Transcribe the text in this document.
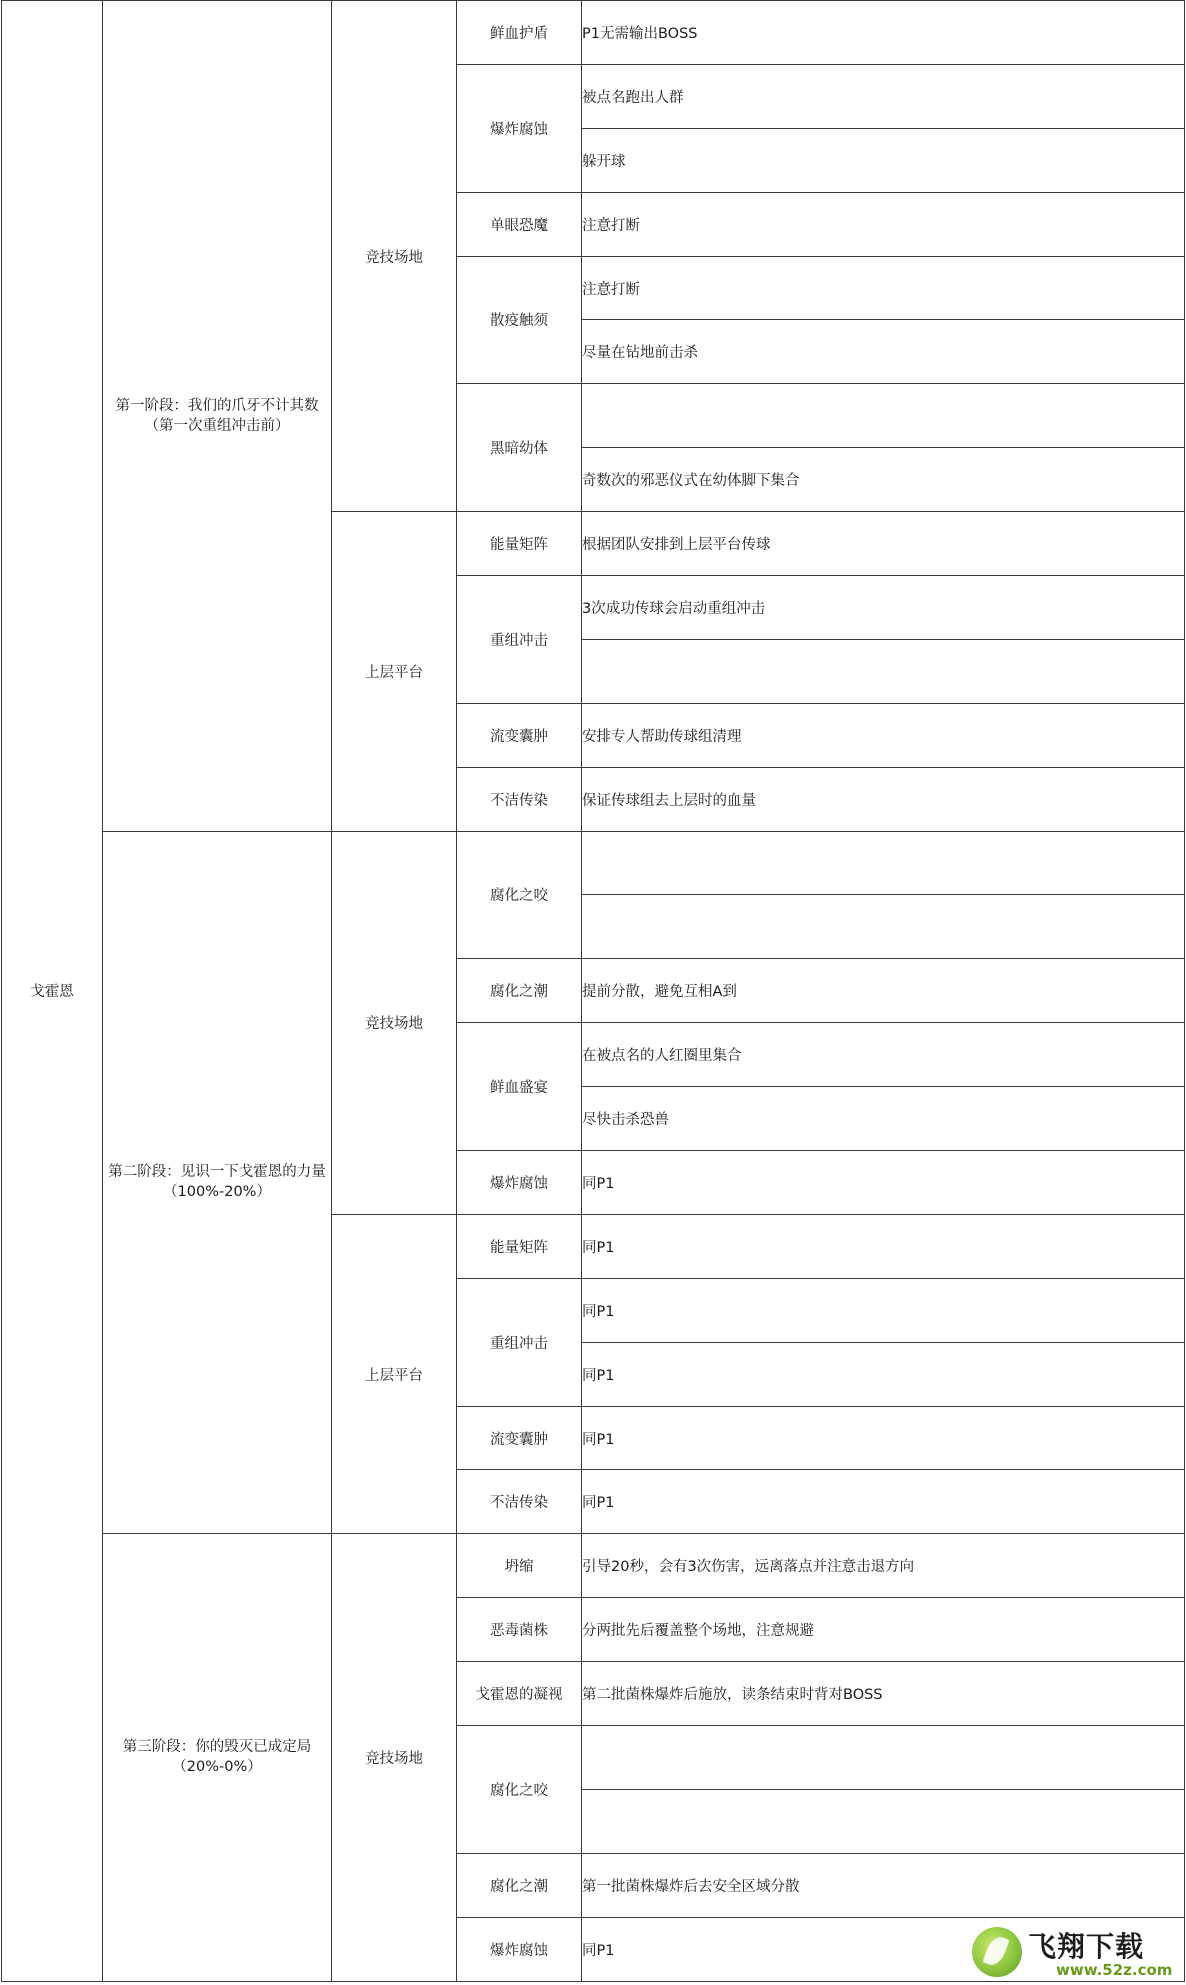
戈霍恩	第一阶段：我们的爪牙不计其数
（第一次重组冲击前）	竞技场地	鲜血护盾	P1无需输出BOSS
			爆炸腐蚀	被点名跑出人群
				躲开球
			单眼恐魔	注意打断
			散疫触须	注意打断
				尽量在钻地前击杀
			黑暗幼体	
				奇数次的邪恶仪式在幼体脚下集合
		上层平台	能量矩阵	根据团队安排到上层平台传球
			重组冲击	3次成功传球会启动重组冲击

			流变囊肿	安排专人帮助传球组清理
			不洁传染	保证传球组去上层时的血量

	第二阶段：见识一下戈霍恩的力量
（100%-20%）	竞技场地	腐化之咬	

			腐化之潮	提前分散，避免互相A到
			鲜血盛宴	在被点名的人红圈里集合
				尽快击杀恐兽
			爆炸腐蚀	同P1
		上层平台	能量矩阵	同P1
			重组冲击	同P1
				同P1
			流变囊肿	同P1
			不洁传染	同P1

	第三阶段：你的毁灭已成定局
（20%-0%）	竞技场地	坍缩	引导20秒，会有3次伤害，远离落点并注意击退方向
			恶毒菌株	分两批先后覆盖整个场地，注意规避
			戈霍恩的凝视	第二批菌株爆炸后施放，读条结束时背对BOSS
			腐化之咬	

			腐化之潮	第一批菌株爆炸后去安全区域分散
			爆炸腐蚀	同P1	飞翔下载
www.52z.com
